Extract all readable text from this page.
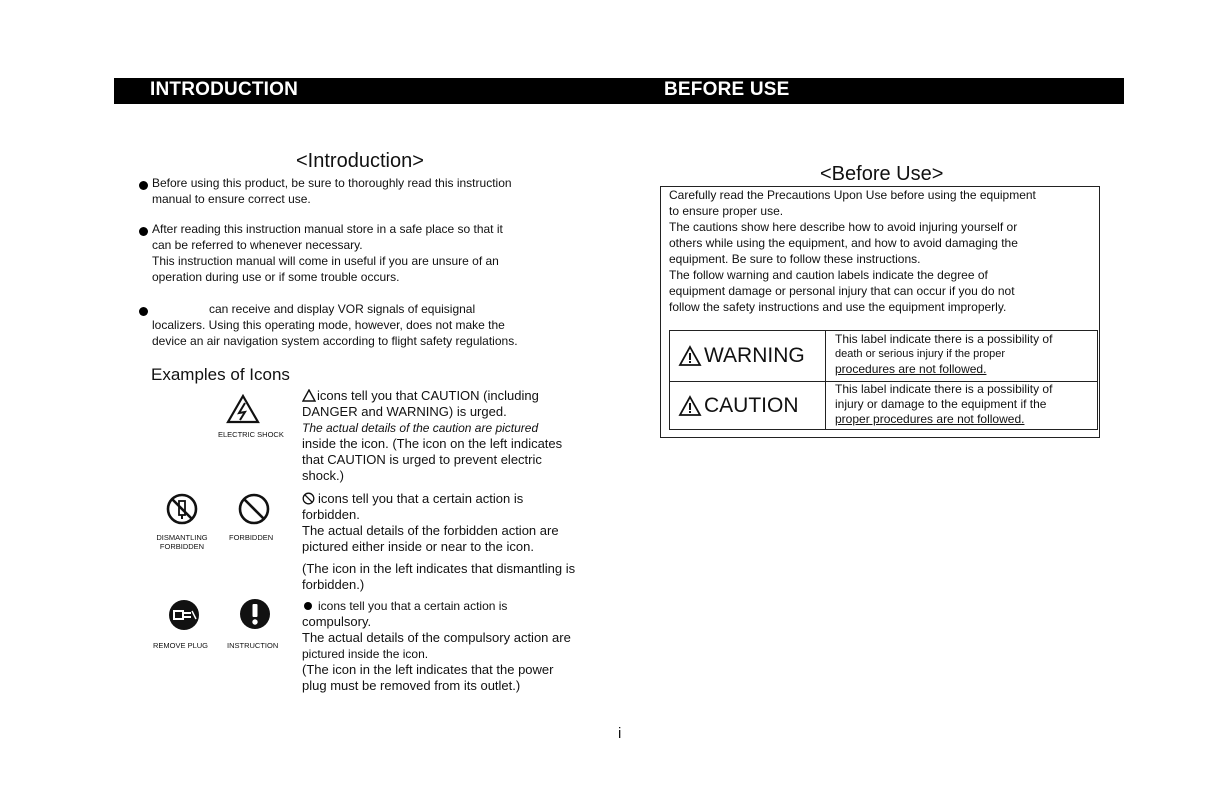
INTRODUCTION	BEFORE USE
<Introduction>
Before using this product, be sure to thoroughly read this instruction
manual to ensure correct use.
After reading this instruction manual store in a safe place so that it
can be referred to whenever necessary.
This instruction manual will come in useful if you are unsure of an
operation during use or if some trouble occurs.
can receive and display VOR signals of equisignal
localizers. Using this operating mode, however, does not make the
device an air navigation system according to flight safety regulations.
Examples of Icons
ELECTRIC SHOCK
icons tell you that CAUTION (including
DANGER and WARNING) is urged.
The actual details of the caution are pictured
inside the icon. (The icon on the left indicates
that CAUTION is urged to prevent electric
shock.)
DISMANTLING
FORBIDDEN
FORBIDDEN
icons tell you that a certain action is
forbidden.
The actual details of the forbidden action are
pictured either inside or near to the icon.
(The icon in the left indicates that dismantling is
forbidden.)
REMOVE PLUG	INSTRUCTION
icons tell you that a certain action is
compulsory.
The actual details of the compulsory action are
pictured inside the icon.
(The icon in the left indicates that the power
plug must be removed from its outlet.)
i
<Before Use>
Carefully read the Precautions Upon Use before using the equipment
to ensure proper use.
The cautions show here describe how to avoid injuring yourself or
others while using the equipment, and how to avoid damaging the
equipment. Be sure to follow these instructions.
The follow warning and caution labels indicate the degree of
equipment damage or personal injury that can occur if you do not
follow the safety instructions and use the equipment improperly.
WARNING
This label indicate there is a possibility of
death or serious injury if the proper
procedures are not followed.
CAUTION
This label indicate there is a possibility of
injury or damage to the equipment if the
proper procedures are not followed.
